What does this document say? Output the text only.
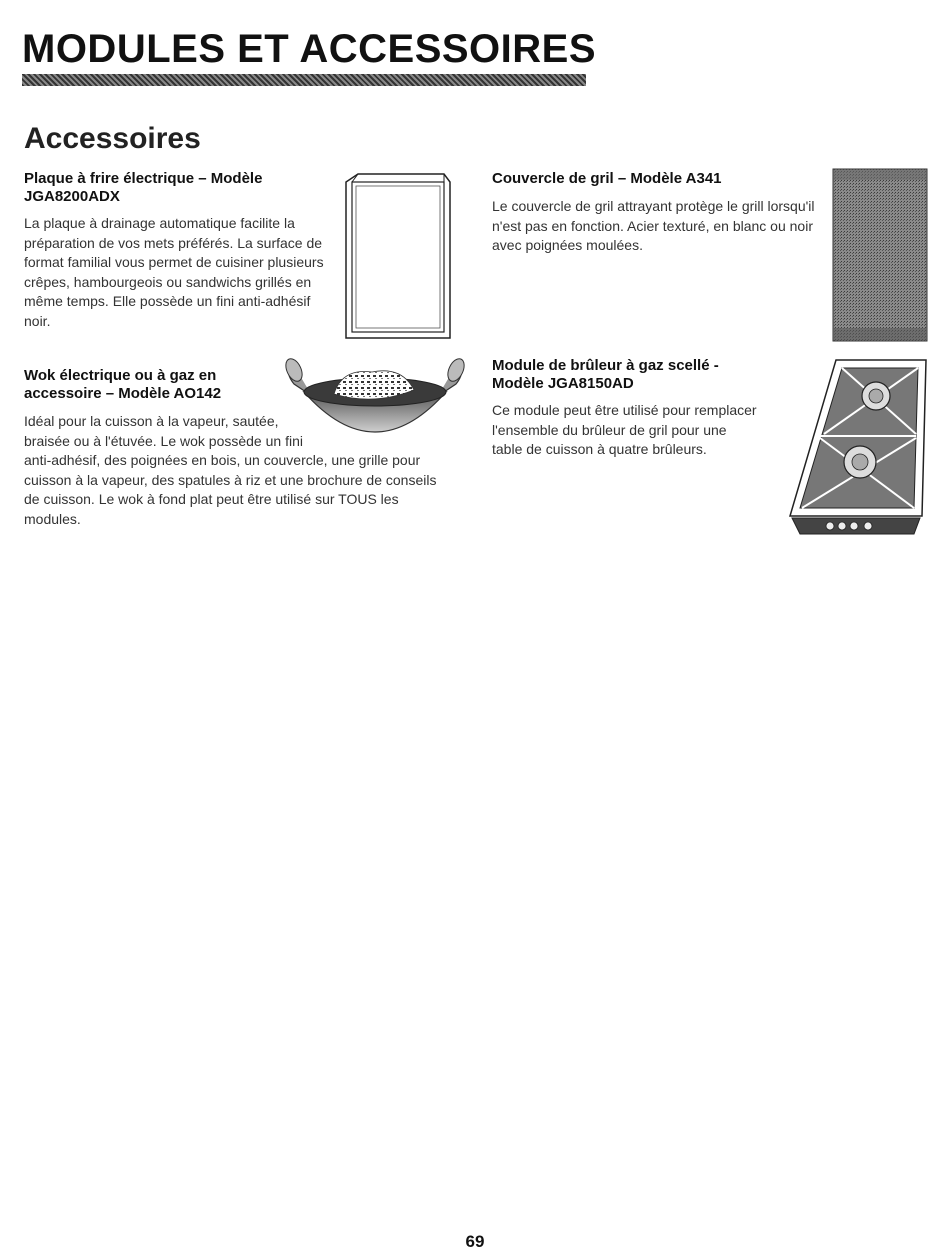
MODULES ET ACCESSOIRES
Accessoires
Plaque à frire électrique – Modèle
JGA8200ADX
La plaque à drainage automatique facilite la
préparation de vos mets préférés. La surface de
format familial vous permet de cuisiner plusieurs
crêpes, hambourgeois ou sandwichs grillés en
même temps. Elle possède un fini anti-adhésif
noir.
Wok électrique ou à gaz en
accessoire – Modèle AO142
Idéal pour la cuisson à la vapeur, sautée,
braisée ou à l'étuvée. Le wok possède un fini
anti-adhésif, des poignées en bois, un couvercle, une grille pour
cuisson à la vapeur, des spatules à riz et une brochure de conseils
de cuisson. Le wok à fond plat peut être utilisé sur TOUS les
modules.
Couvercle de gril – Modèle A341
Le couvercle de gril attrayant protège le grill lorsqu'il
n'est pas en fonction. Acier texturé, en blanc ou noir
avec poignées moulées.
Module de brûleur à gaz scellé -
Modèle JGA8150AD
Ce module peut être utilisé pour remplacer
l'ensemble du brûleur de gril pour une
table de cuisson à quatre brûleurs.
69
